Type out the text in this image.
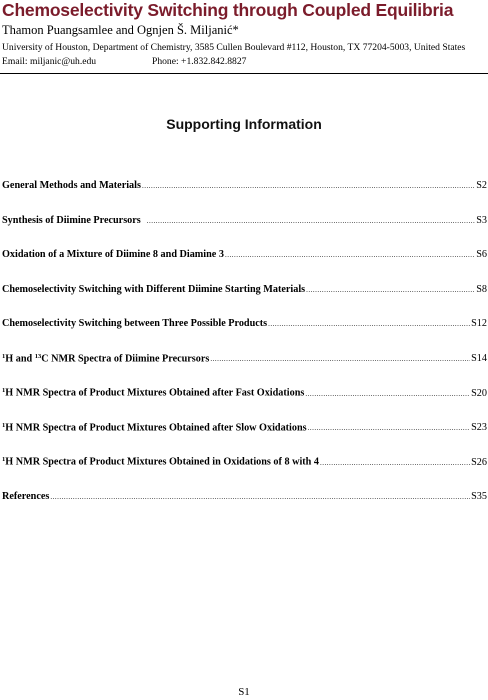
Chemoselectivity Switching through Coupled Equilibria
Thamon Puangsamlee and Ognjen Š. Miljanić*
University of Houston, Department of Chemistry, 3585 Cullen Boulevard #112, Houston, TX 77204-5003, United States
Email: miljanic@uh.edu	Phone: +1.832.842.8827
Supporting Information
General Methods and Materials .....	S2
Synthesis of Diimine Precursors .....	S3
Oxidation of a Mixture of Diimine 8 and Diamine 3 .....	S6
Chemoselectivity Switching with Different Diimine Starting Materials .....	S8
Chemoselectivity Switching between Three Possible Products .....	S12
$^1$H and $^{13}$C NMR Spectra of Diimine Precursors .....	S14
$^1$H NMR Spectra of Product Mixtures Obtained after Fast Oxidations .....	S20
$^1$H NMR Spectra of Product Mixtures Obtained after Slow Oxidations .....	S23
$^1$H NMR Spectra of Product Mixtures Obtained in Oxidations of 8 with 4 .....	S26
References .....	S35
S1
